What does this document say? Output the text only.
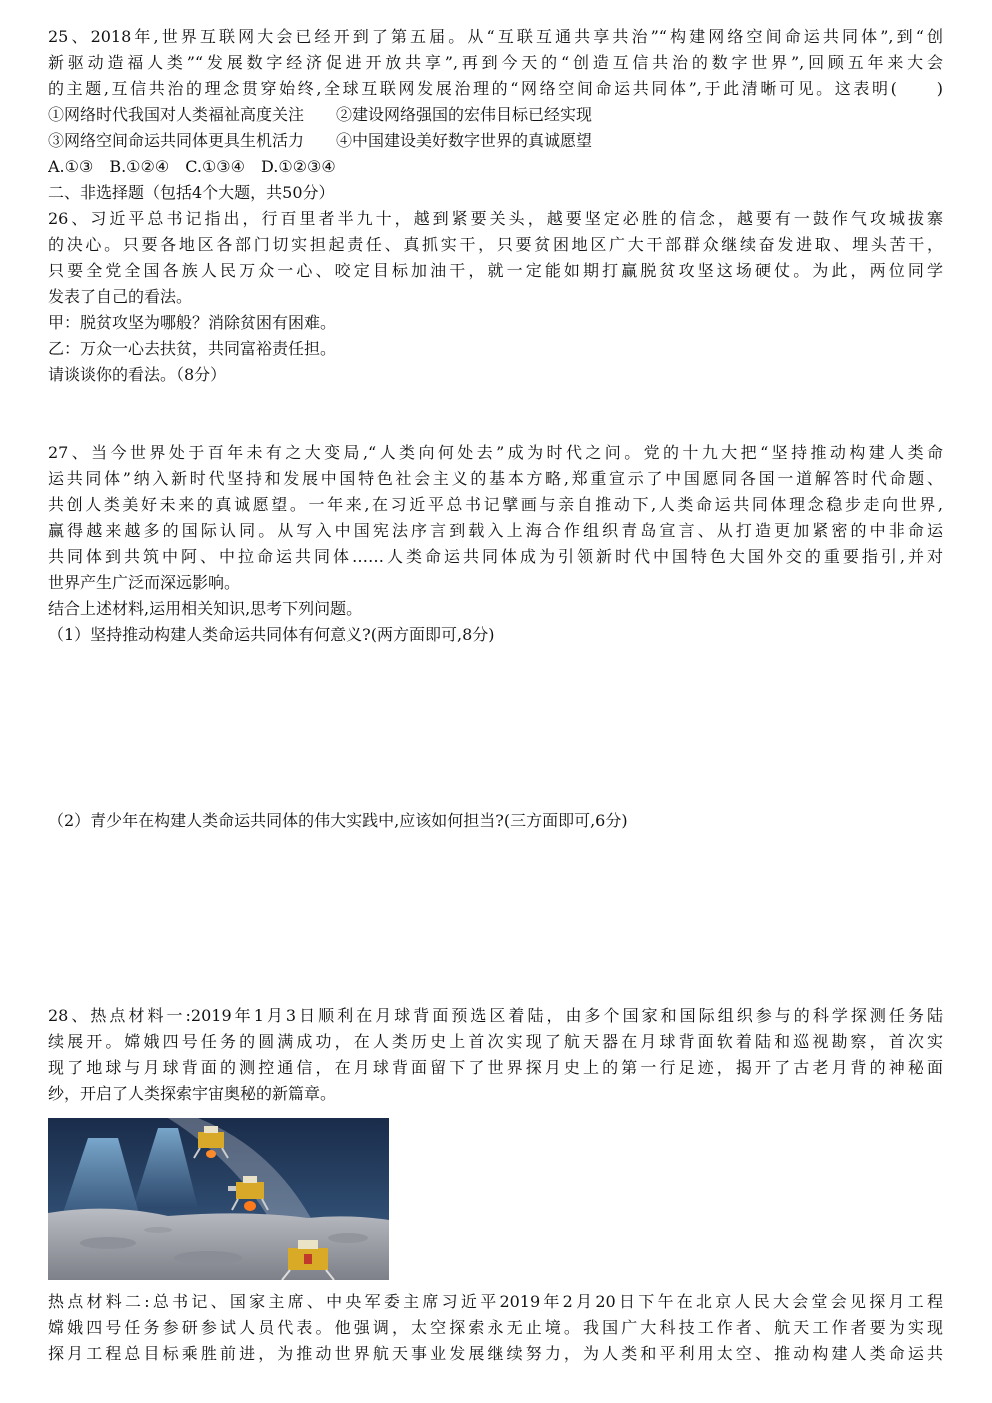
25、2018年,世界互联网大会已经开到了第五届。从“互联互通共享共治”“构建网络空间命运共同体”,到“创
新驱动造福人类”“发展数字经济促进开放共享”,再到今天的“创造互信共治的数字世界”,回顾五年来大会
的主题,互信共治的理念贯穿始终,全球互联网发展治理的“网络空间命运共同体”,于此清晰可见。这表明(　　)
①网络时代我国对人类福祉高度关注　　②建设网络强国的宏伟目标已经实现
③网络空间命运共同体更具生机活力　　④中国建设美好数字世界的真诚愿望
A.①③　B.①②④　C.①③④　D.①②③④
二、非选择题（包括4个大题，共50分）
26、习近平总书记指出，行百里者半九十，越到紧要关头，越要坚定必胜的信念，越要有一鼓作气攻城拔寨
的决心。只要各地区各部门切实担起责任、真抓实干，只要贫困地区广大干部群众继续奋发进取、埋头苦干，
只要全党全国各族人民万众一心、咬定目标加油干，就一定能如期打赢脱贫攻坚这场硬仗。为此，两位同学
发表了自己的看法。
甲：脱贫攻坚为哪般？消除贫困有困难。
乙：万众一心去扶贫，共同富裕责任担。
请谈谈你的看法。（8分）
27、当今世界处于百年未有之大变局,“人类向何处去”成为时代之问。党的十九大把“坚持推动构建人类命
运共同体”纳入新时代坚持和发展中国特色社会主义的基本方略,郑重宣示了中国愿同各国一道解答时代命题、
共创人类美好未来的真诚愿望。一年来,在习近平总书记擘画与亲自推动下,人类命运共同体理念稳步走向世界,
赢得越来越多的国际认同。从写入中国宪法序言到载入上海合作组织青岛宣言、从打造更加紧密的中非命运
共同体到共筑中阿、中拉命运共同体……人类命运共同体成为引领新时代中国特色大国外交的重要指引,并对
世界产生广泛而深远影响。
结合上述材料,运用相关知识,思考下列问题。
（1）坚持推动构建人类命运共同体有何意义?(两方面即可,8分)
（2）青少年在构建人类命运共同体的伟大实践中,应该如何担当?(三方面即可,6分)
28、热点材料一:2019年1月3日顺利在月球背面预选区着陆，由多个国家和国际组织参与的科学探测任务陆
续展开。嫦娥四号任务的圆满成功，在人类历史上首次实现了航天器在月球背面软着陆和巡视勘察，首次实
现了地球与月球背面的测控通信，在月球背面留下了世界探月史上的第一行足迹，揭开了古老月背的神秘面
纱，开启了人类探索宇宙奥秘的新篇章。
热点材料二:总书记、国家主席、中央军委主席习近平2019年2月20日下午在北京人民大会堂会见探月工程
嫦娥四号任务参研参试人员代表。他强调，太空探索永无止境。我国广大科技工作者、航天工作者要为实现
探月工程总目标乘胜前进，为推动世界航天事业发展继续努力，为人类和平利用太空、推动构建人类命运共
